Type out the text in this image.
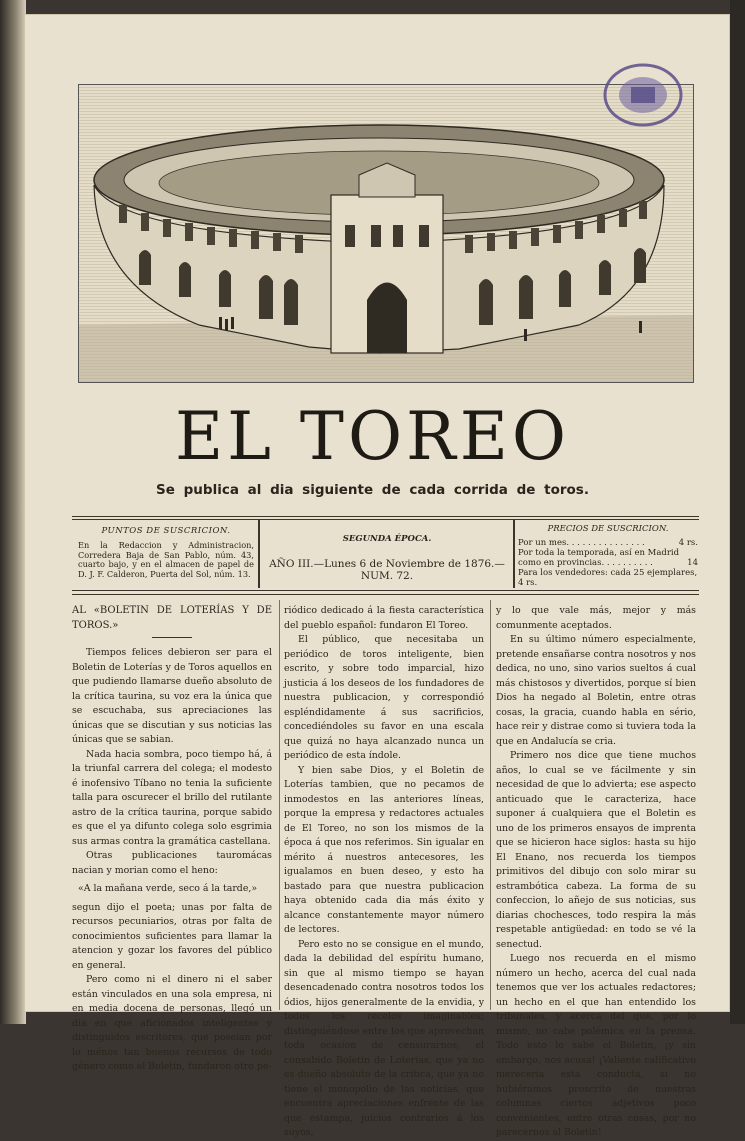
EL TOREO
Se publica al dia siguiente de cada corrida de toros.
PUNTOS DE SUSCRICION.

En la Redaccion y Administracion, Corredera Baja de San Pablo, núm. 43, cuarto bajo, y en el almacen de papel de D. J. F. Calderon, Puerta del Sol, núm. 13.

SEGUNDA ÉPOCA.
AÑO III.—Lunes 6 de Noviembre de 1876.—NUM. 72.
PRECIOS DE SUSCRICION.
Por un mes. . . . . . . . . . . . . . .	4 rs.
Por toda la temporada, así en Madrid
como en provincias. . . . . . . . . .	14
Para los vendedores: cada 25 ejemplares, 4 rs.

AL «BOLETIN DE LOTERÍAS Y DE TOROS.»

Tiempos felices debieron ser para el Boletin de Loterías y de Toros aquellos en que pudiendo llamarse dueño absoluto de la crítica taurina, su voz era la única que se escuchaba, sus apreciaciones las únicas que se discutian y sus noticias las únicas que se sabian.

Nada hacia sombra, poco tiempo há, á la triunfal carrera del colega; el modesto é inofensivo Tíbano no tenia la suficiente talla para oscurecer el brillo del rutilante astro de la crítica taurina, porque sabido es que el ya difunto colega solo esgrimia sus armas contra la gramática castellana.

Otras publicaciones tauromácas nacian y morian como el heno:

«A la mañana verde, seco á la tarde,»

segun dijo el poeta; unas por falta de recursos pecuniarios, otras por falta de conocimientos suficientes para llamar la atencion y gozar los favores del público en general.

Pero como ni el dinero ni el saber están vinculados en una sola empresa, ni en media docena de personas, llegó un dia en que aficionados inteligentes y distinguidos escritores, que poseian por lo ménos tan buenos recursos de todo género como el Boletin, fundaron otro pe-

riódico dedicado á la fiesta característica del pueblo español: fundaron El Toreo.

El público, que necesitaba un periódico de toros inteligente, bien escrito, y sobre todo imparcial, hizo justicia á los deseos de los fundadores de nuestra publicacion, y correspondió espléndidamente á sus sacrificios, concediéndoles su favor en una escala que quizá no haya alcanzado nunca un periódico de esta índole.

Y bien sabe Dios, y el Boletin de Loterías tambien, que no pecamos de inmodestos en las anteriores líneas, porque la empresa y redactores actuales de El Toreo, no son los mismos de la época á que nos referimos. Sin igualar en mérito á nuestros antecesores, les igualamos en buen deseo, y esto ha bastado para que nuestra publicacion haya obtenido cada dia más éxito y alcance constantemente mayor número de lectores.

Pero esto no se consigue en el mundo, dada la debilidad del espíritu humano, sin que al mismo tiempo se hayan desencadenado contra nosotros todos los ódios, hijos generalmente de la envidia, y todos los recelos imaginables; distinguiéndose entre los que aprovechan toda ocasion de censurarnos, el consabido Boletin de Loterías, que ya no es dueño absoluto de la crítica, que ya no tiene el monopolio de las noticias, que encuentra apreciaciones enfrente de las que estampa, juicios contrarios á los suyos,

y lo que vale más, mejor y más comunmente aceptados.

En su último número especialmente, pretende ensañarse contra nosotros y nos dedica, no uno, sino varios sueltos á cual más chistosos y divertidos, porque sí bien Dios ha negado al Boletin, entre otras cosas, la gracia, cuando habla en sério, hace reir y distrae como si tuviera toda la que en Andalucía se cria.

Primero nos dice que tiene muchos años, lo cual se ve fácilmente y sin necesidad de que lo advierta; ese aspecto anticuado que le caracteriza, hace suponer á cualquiera que el Boletin es uno de los primeros ensayos de imprenta que se hicieron hace siglos: hasta su hijo El Enano, nos recuerda los tiempos primitivos del dibujo con solo mirar su estrambótica cabeza. La forma de su confeccion, lo añejo de sus noticias, sus diarias chochesces, todo respira la más respetable antigüedad: en todo se vé la senectud.

Luego nos recuerda en el mismo número un hecho, acerca del cual nada tenemos que ver los actuales redactores; un hecho en el que han entendido los tribunales, y acerca del que, por lo mismo, no cabe polémica en la prensa. Todo esto lo sabe el Boletin, ¡y sin embargo, nos acusa! ¡Valiente calificativo merecería esta conducta, si no hubiéramos proscrito de nuestras columnas ciertos adjetivos poco convenientes, entre otras cosas, por no parecernos al Boletin!
